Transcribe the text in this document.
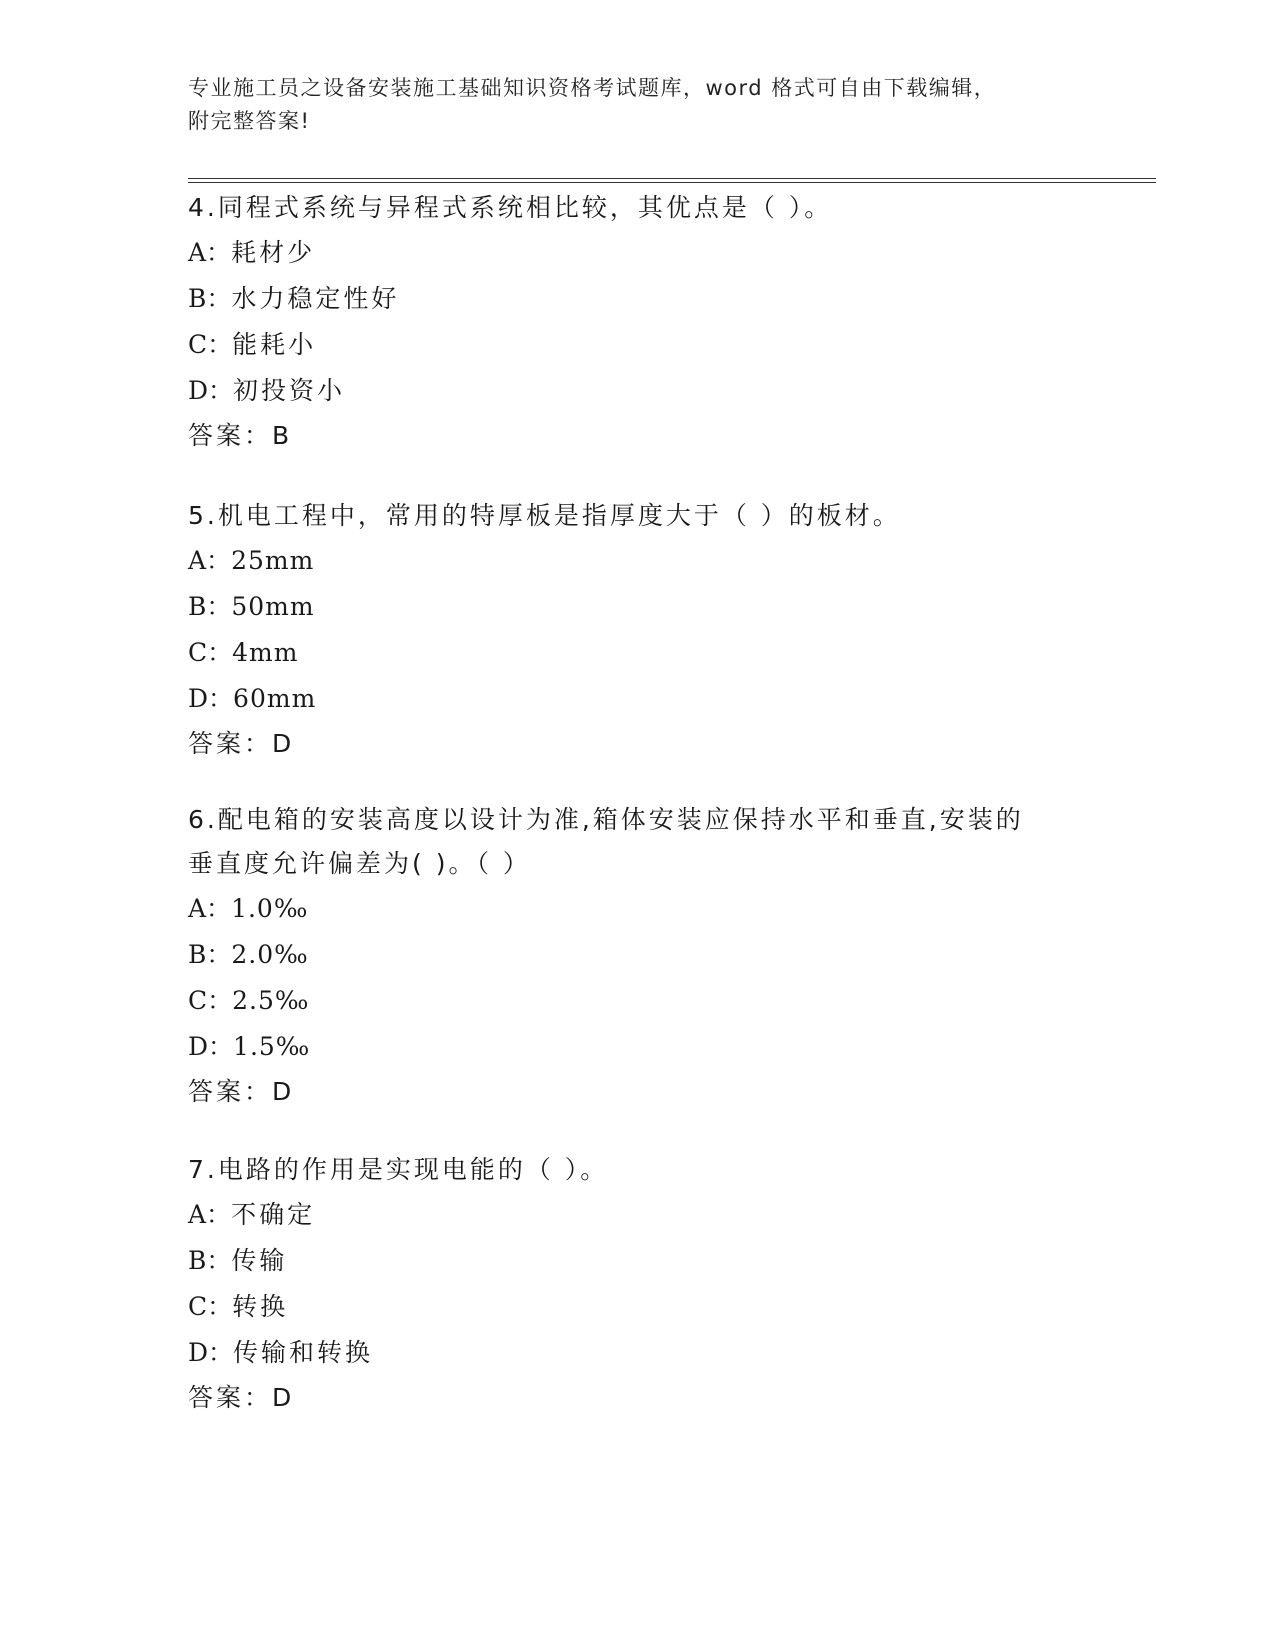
专业施工员之设备安装施工基础知识资格考试题库，word 格式可自由下载编辑，
附完整答案!

4.同程式系统与异程式系统相比较，其优点是（ ）。

A：耗材少

B：水力稳定性好

C：能耗小

D：初投资小

答案：B

5.机电工程中，常用的特厚板是指厚度大于（ ）的板材。

A：25mm

B：50mm

C：4mm

D：60mm

答案：D

6.配电箱的安装高度以设计为准,箱体安装应保持水平和垂直,安装的

垂直度允许偏差为( )。（ ）

A：1.0‰

B：2.0‰

C：2.5‰

D：1.5‰

答案：D

7.电路的作用是实现电能的（ ）。

A：不确定

B：传输

C：转换

D：传输和转换

答案：D
